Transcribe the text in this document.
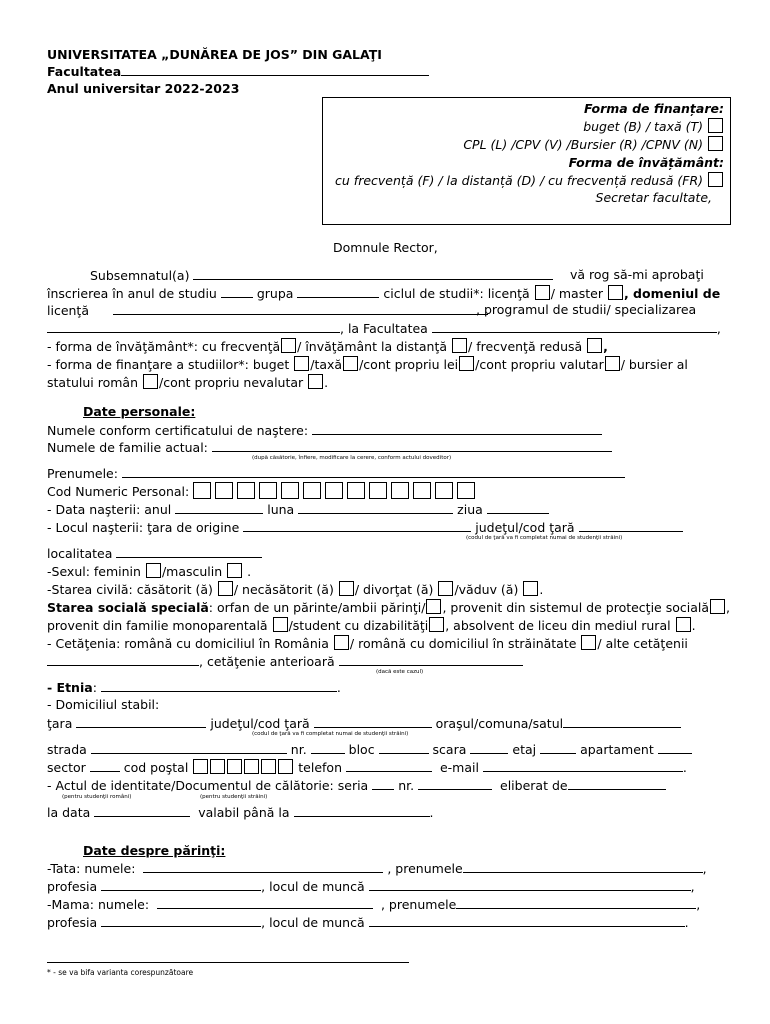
UNIVERSITATEA „DUNĂREA DE JOS” DIN GALAŢI
Facultatea
Anul universitar 2022-2023
Forma de finanțare:
buget (B) / taxă (T)
CPL (L) /CPV (V) /Bursier (R) /CPNV (N)
Forma de învățământ:
cu frecvență (F) / la distanță (D) / cu frecvență redusă (FR)
Secretar facultate,
Domnule Rector,
Subsemnatul(a)	vă rog să-mi aprobaţi
înscrierea în anul de studiu	grupa	ciclul de studii*: licenţă / master , domeniul de
licenţă	, programul de studii/ specializarea
, la Facultatea	,
- forma de învăţământ*: cu frecvenţă / învăţământ la distanţă / frecvenţă redusă ,
- forma de finanţare a studiilor*: buget /taxă /cont propriu lei /cont propriu valutar / bursier al
statului român /cont propriu nevalutar .
Date personale:
Numele conform certificatului de naştere:
Numele de familie actual:
(după căsătorie, înfiere, modificare la cerere, conform actului doveditor)
Prenumele:
Cod Numeric Personal:
- Data naşterii: anul	luna	ziua
- Locul naşterii: ţara de origine	judeţul/cod ţară
(codul de ţară va fi completat numai de studenţii străini)
localitatea
-Sexul: feminin /masculin .
-Starea civilă: căsătorit (ă) / necăsătorit (ă) / divorţat (ă) /văduv (ă) .
Starea socială specială: orfan de un părinte/ambii părinţi/ , provenit din sistemul de protecţie socială ,
provenit din familie monoparentală /student cu dizabilităţi , absolvent de liceu din mediul rural .
- Cetăţenia: română cu domiciliul în România / română cu domiciliul în străinătate / alte cetăţenii
, cetăţenie anterioară
(dacă este cazul)
- Etnia:	.
- Domiciliul stabil:
ţara	judeţul/cod ţară	oraşul/comuna/satul
(codul de ţară va fi completat numai de studenţii străini)
strada	nr.	bloc	scara	etaj	apartament
sector	cod poştal	telefon	e-mail	.
- Actul de identitate/Documentul de călătorie: seria nr.	eliberat de
(pentru studenţii români)	(pentru studenţii străini)
la data	valabil până la	.
Date despre părinţi:
-Tata: numele:	, prenumele	,
profesia	, locul de muncă	,
-Mama: numele:	, prenumele	,
profesia	, locul de muncă	.
* - se va bifa varianta corespunzătoare
